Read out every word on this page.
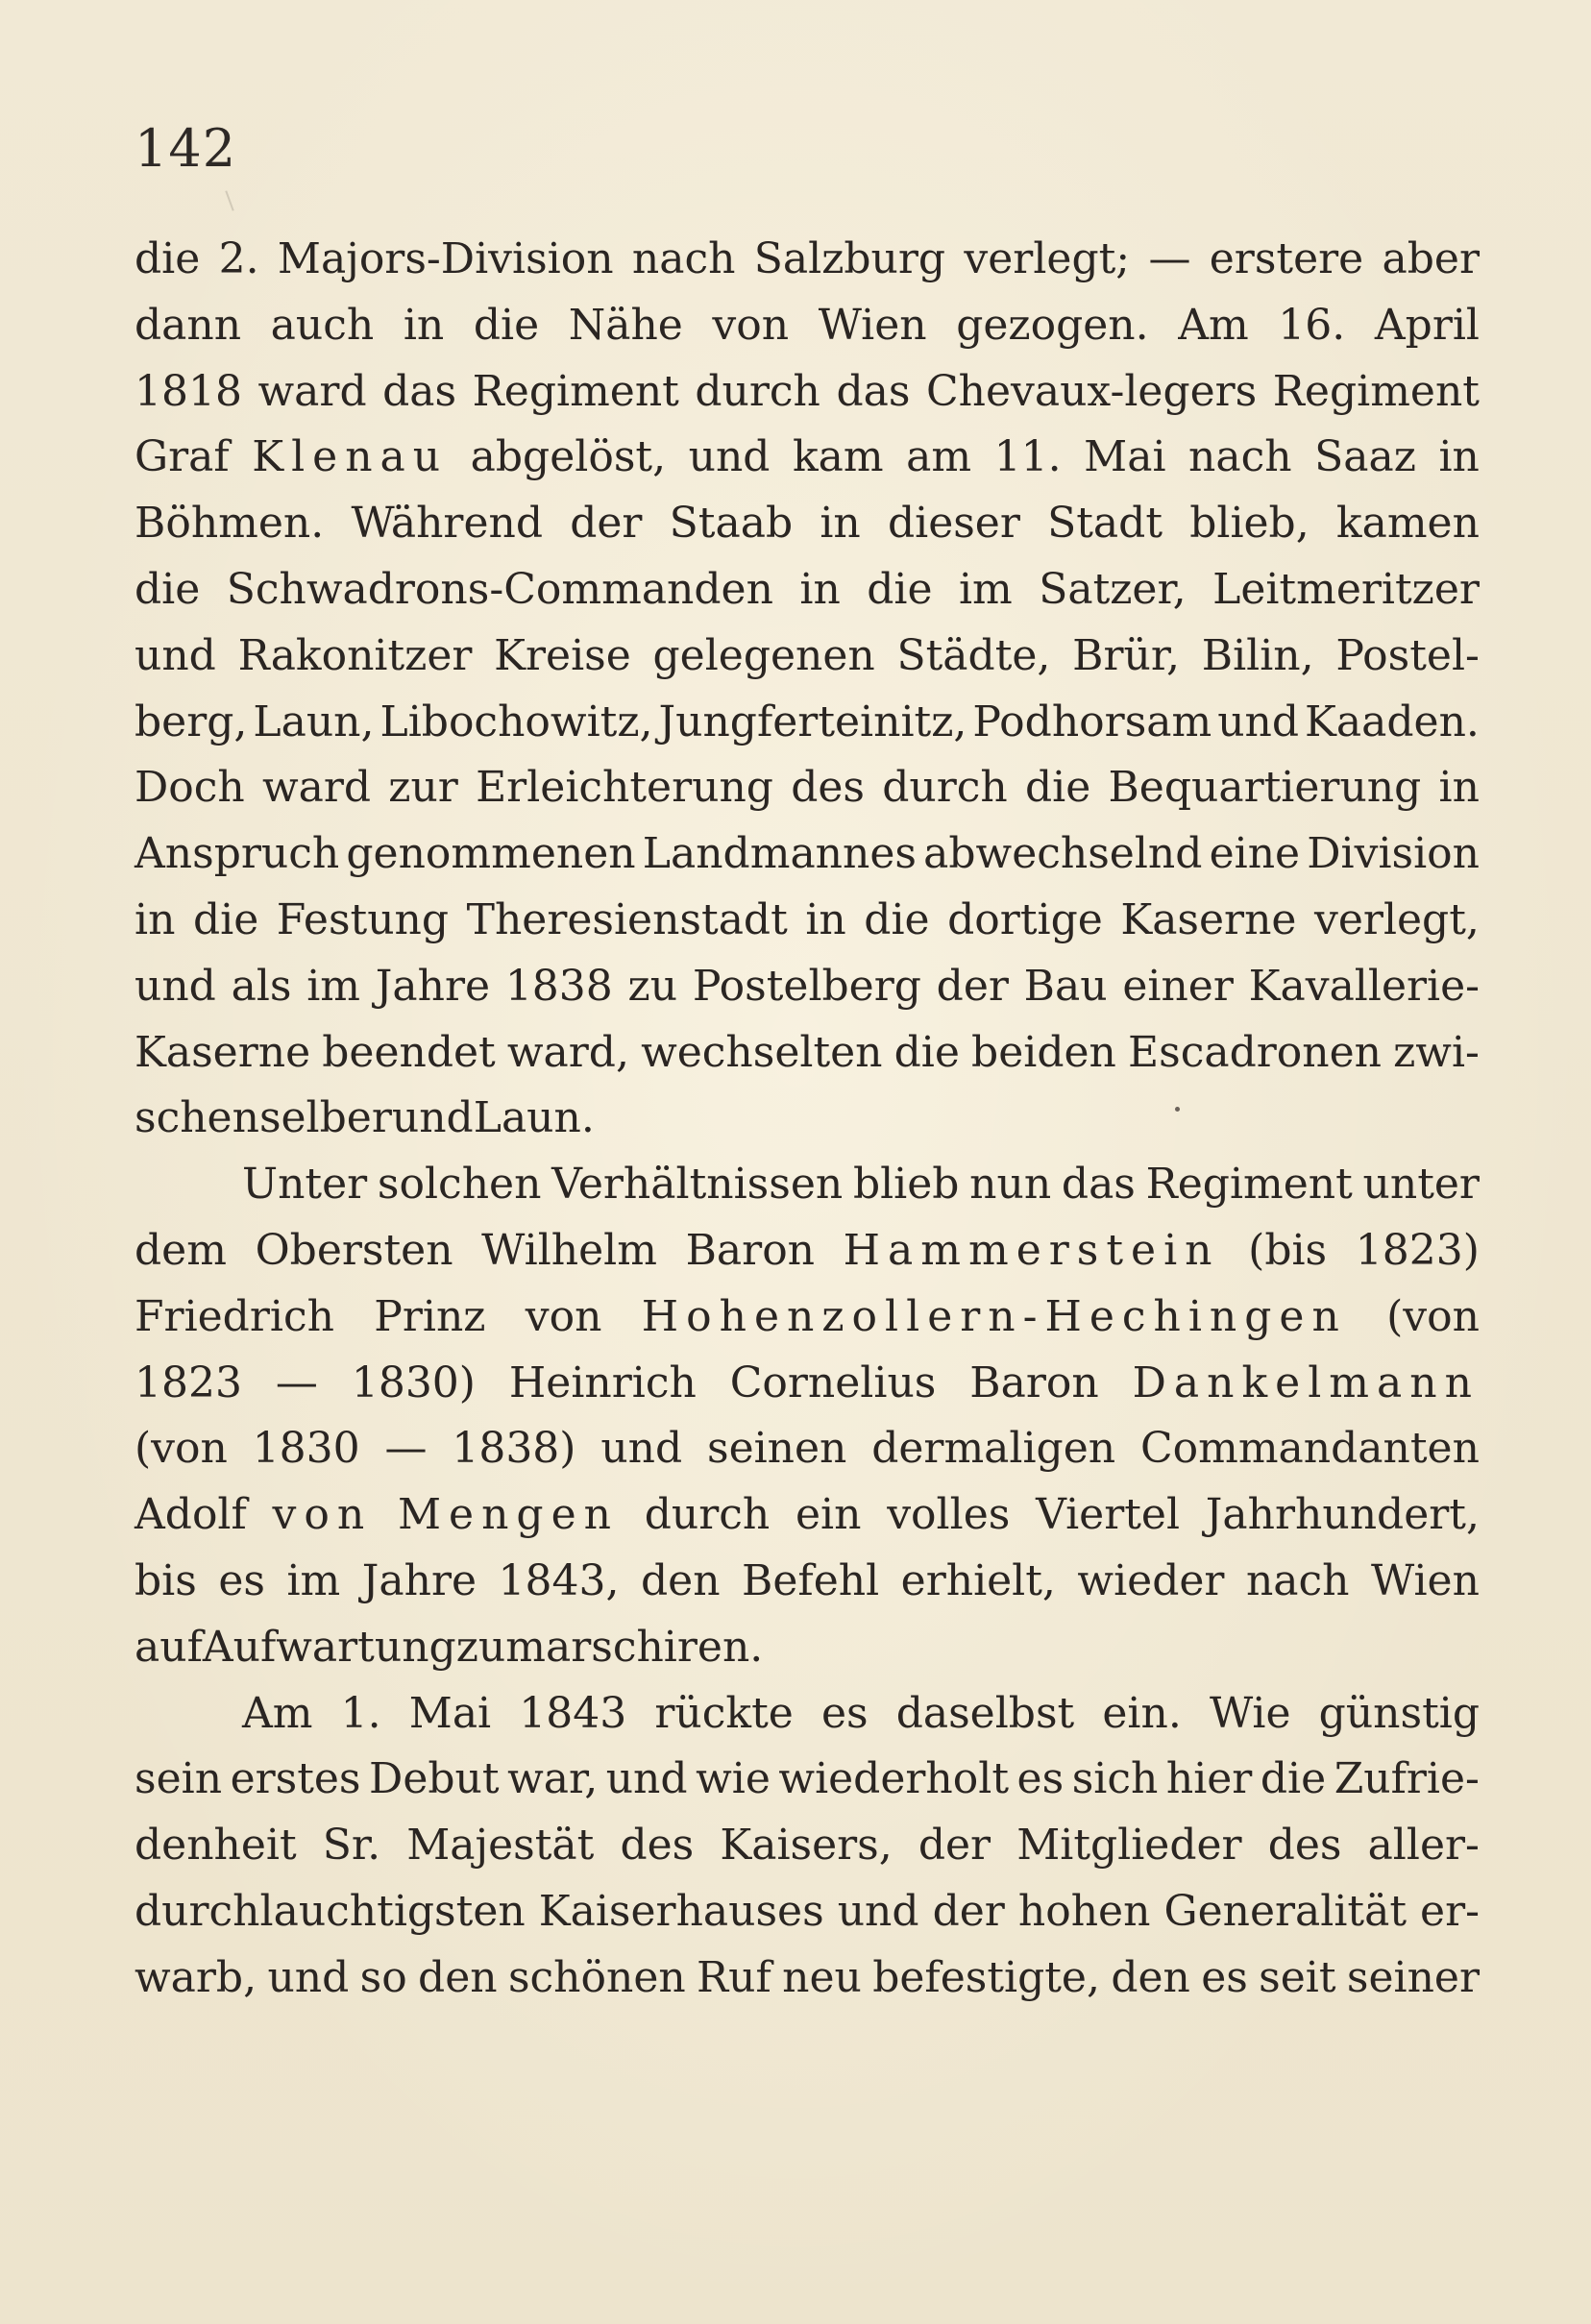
142
die 2. Majors-Division nach Salzburg verlegt; — erstere aber
dann auch in die Nähe von Wien gezogen. Am 16. April
1818 ward das Regiment durch das Chevaux-legers Regiment
Graf Klenau abgelöst, und kam am 11. Mai nach Saaz in
Böhmen. Während der Staab in dieser Stadt blieb, kamen
die Schwadrons-Commanden in die im Satzer, Leitmeritzer
und Rakonitzer Kreise gelegenen Städte, Brür, Bilin, Postel-
berg, Laun, Libochowitz, Jungferteinitz, Podhorsam und Kaaden.
Doch ward zur Erleichterung des durch die Bequartierung in
Anspruch genommenen Landmannes abwechselnd eine Division
in die Festung Theresienstadt in die dortige Kaserne verlegt,
und als im Jahre 1838 zu Postelberg der Bau einer Kavallerie-
Kaserne beendet ward, wechselten die beiden Escadronen zwi-
schen selber und Laun.
Unter solchen Verhältnissen blieb nun das Regiment unter
dem Obersten Wilhelm Baron Hammerstein (bis 1823)
Friedrich Prinz von Hohenzollern-Hechingen (von
1823 — 1830) Heinrich Cornelius Baron Dankelmann
(von 1830 — 1838) und seinen dermaligen Commandanten
Adolf von Mengen durch ein volles Viertel Jahrhundert,
bis es im Jahre 1843, den Befehl erhielt, wieder nach Wien
auf Aufwartung zu marschiren.
Am 1. Mai 1843 rückte es daselbst ein. Wie günstig
sein erstes Debut war, und wie wiederholt es sich hier die Zufrie-
denheit Sr. Majestät des Kaisers, der Mitglieder des aller-
durchlauchtigsten Kaiserhauses und der hohen Generalität er-
warb, und so den schönen Ruf neu befestigte, den es seit seiner
